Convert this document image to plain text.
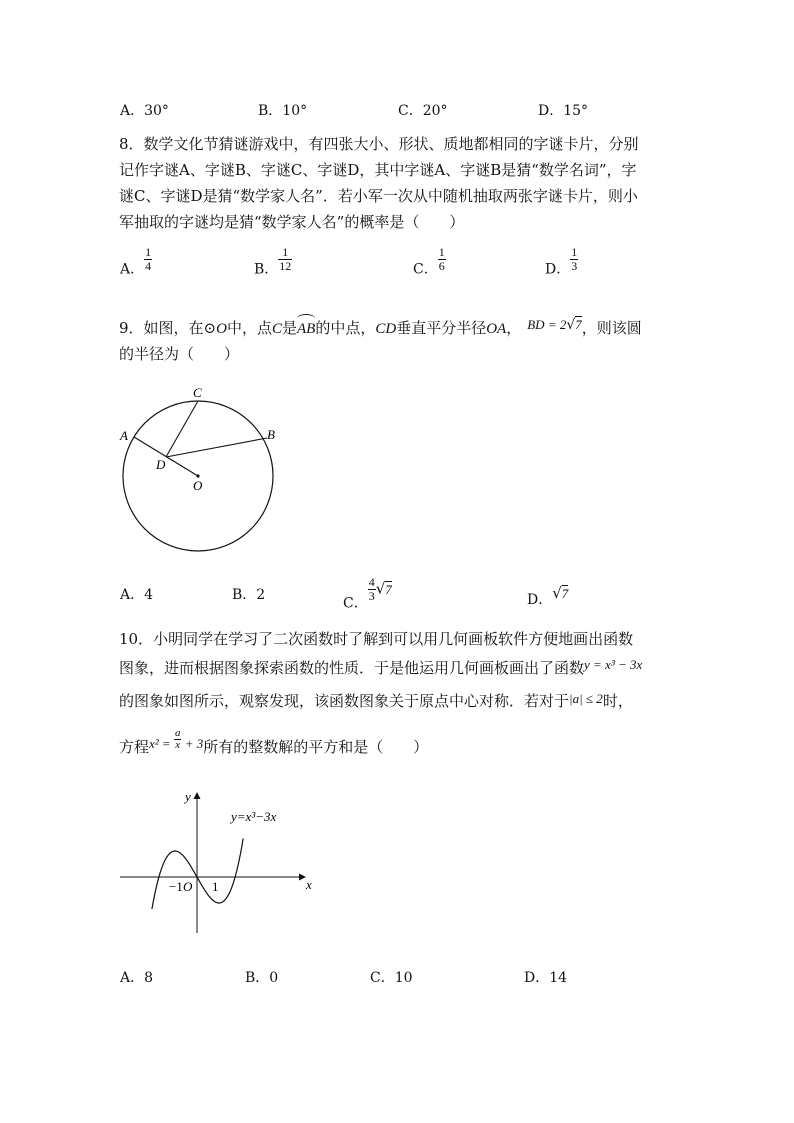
A．30°	B．10°	C．20°	D．15°
8．数学文化节猜谜游戏中，有四张大小、形状、质地都相同的字谜卡片，分别
记作字谜A、字谜B、字谜C、字谜D，其中字谜A、字谜B是猜“数学名词”，字
谜C、字谜D是猜“数学家人名”．若小军一次从中随机抽取两张字谜卡片，则小
军抽取的字谜均是猜“数学家人名”的概率是（　　）
A． $\frac{1}{4}$	B． $\frac{1}{12}$	C． $\frac{1}{6}$	D． $\frac{1}{3}$
9．如图，在⊙O中，点C是
AB的中点，CD垂直平分半径OA， BD = 2√7，则该圆
的半径为（　　）
C
A	B
D
O
A．4	B．2
C．
$\frac{4}{3} √7$
D．√7
10．小明同学在学习了二次函数时了解到可以用几何画板软件方便地画出函数
图象，进而根据图象探索函数的性质．于是他运用几何画板画出了函数y = x³ − 3x
的图象如图所示，观察发现，该函数图象关于原点中心对称．若对于|a| ≤ 2时，
方程$x^2 = \frac{a}{x} + 3$所有的整数解的平方和是（　　）
x
y
y=x³−3x
−1 O 1
A．8	B．0	C．10	D．14
